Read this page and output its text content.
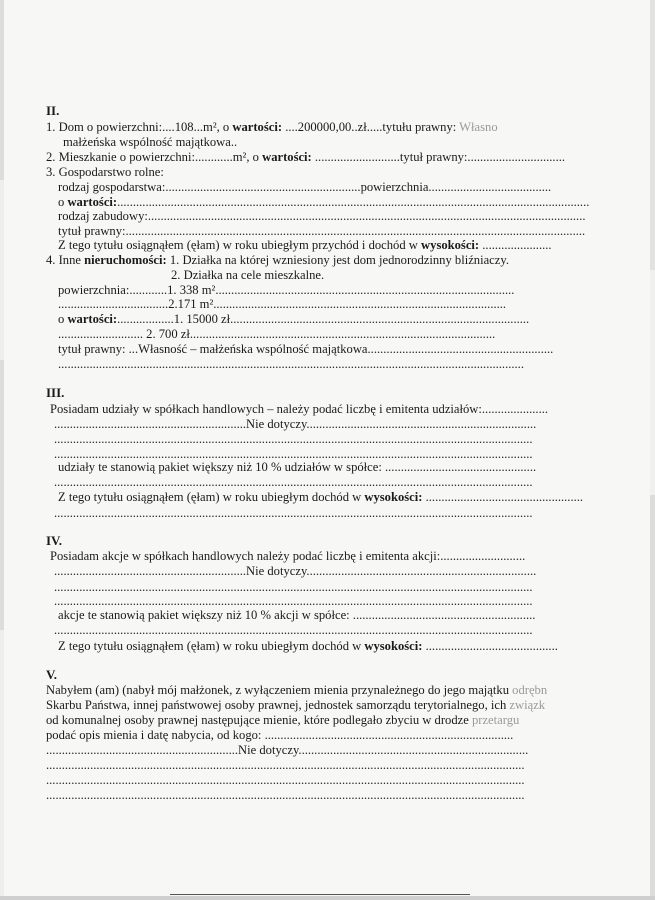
II.
1. Dom o powierzchni:....108...m², o wartości: ....200000,00..zł.....tytułu prawny: Własno
małżeńska wspólność majątkowa..
2. Mieszkanie o powierzchni:............m², o wartości: ...........................tytuł prawny:...............................
3. Gospodarstwo rolne:
rodzaj gospodarstwa:..............................................................powierzchnia.......................................
o wartości:......................................................................................................................................................
rodzaj zabudowy:...........................................................................................................................................
tytuł prawny:..................................................................................................................................................
Z tego tytułu osiągnąłem (ęłam) w roku ubiegłym przychód i dochód w wysokości: ......................
4. Inne nieruchomości: 1. Działka na której wzniesiony jest dom jednorodzinny bliźniaczy.
2. Działka na cele mieszkalne.
powierzchnia:............1. 338 m²...............................................................................................
...................................2.171 m².............................................................................................
o wartości:..................1. 15000 zł...............................................................................................
........................... 2. 700 zł.................................................................................................
tytuł prawny: ...Własność – małżeńska wspólność majątkowa...........................................................
....................................................................................................................................................
III.
Posiadam udziały w spółkach handlowych – należy podać liczbę i emitenta udziałów:.....................
.............................................................Nie dotyczy.........................................................................
........................................................................................................................................................
........................................................................................................................................................
udziały te stanowią pakiet większy niż 10 % udziałów w spółce: ................................................
........................................................................................................................................................
Z tego tytułu osiągnąłem (ęłam) w roku ubiegłym dochód w wysokości: ..................................................
........................................................................................................................................................
IV.
Posiadam akcje w spółkach handlowych należy podać liczbę i emitenta akcji:...........................
.............................................................Nie dotyczy.........................................................................
........................................................................................................................................................
........................................................................................................................................................
akcje te stanowią pakiet większy niż 10 % akcji w spółce: ..........................................................
........................................................................................................................................................
Z tego tytułu osiągnąłem (ęłam) w roku ubiegłym dochód w wysokości: ..........................................
V.
Nabyłem (am) (nabył mój małżonek, z wyłączeniem mienia przynależnego do jego majątku odrębn
Skarbu Państwa, innej państwowej osoby prawnej, jednostek samorządu terytorialnego, ich związk
od komunalnej osoby prawnej następujące mienie, które podlegało zbyciu w drodze przetargu
podać opis mienia i datę nabycia, od kogo: ...............................................................................
.............................................................Nie dotyczy.........................................................................
........................................................................................................................................................
........................................................................................................................................................
........................................................................................................................................................
